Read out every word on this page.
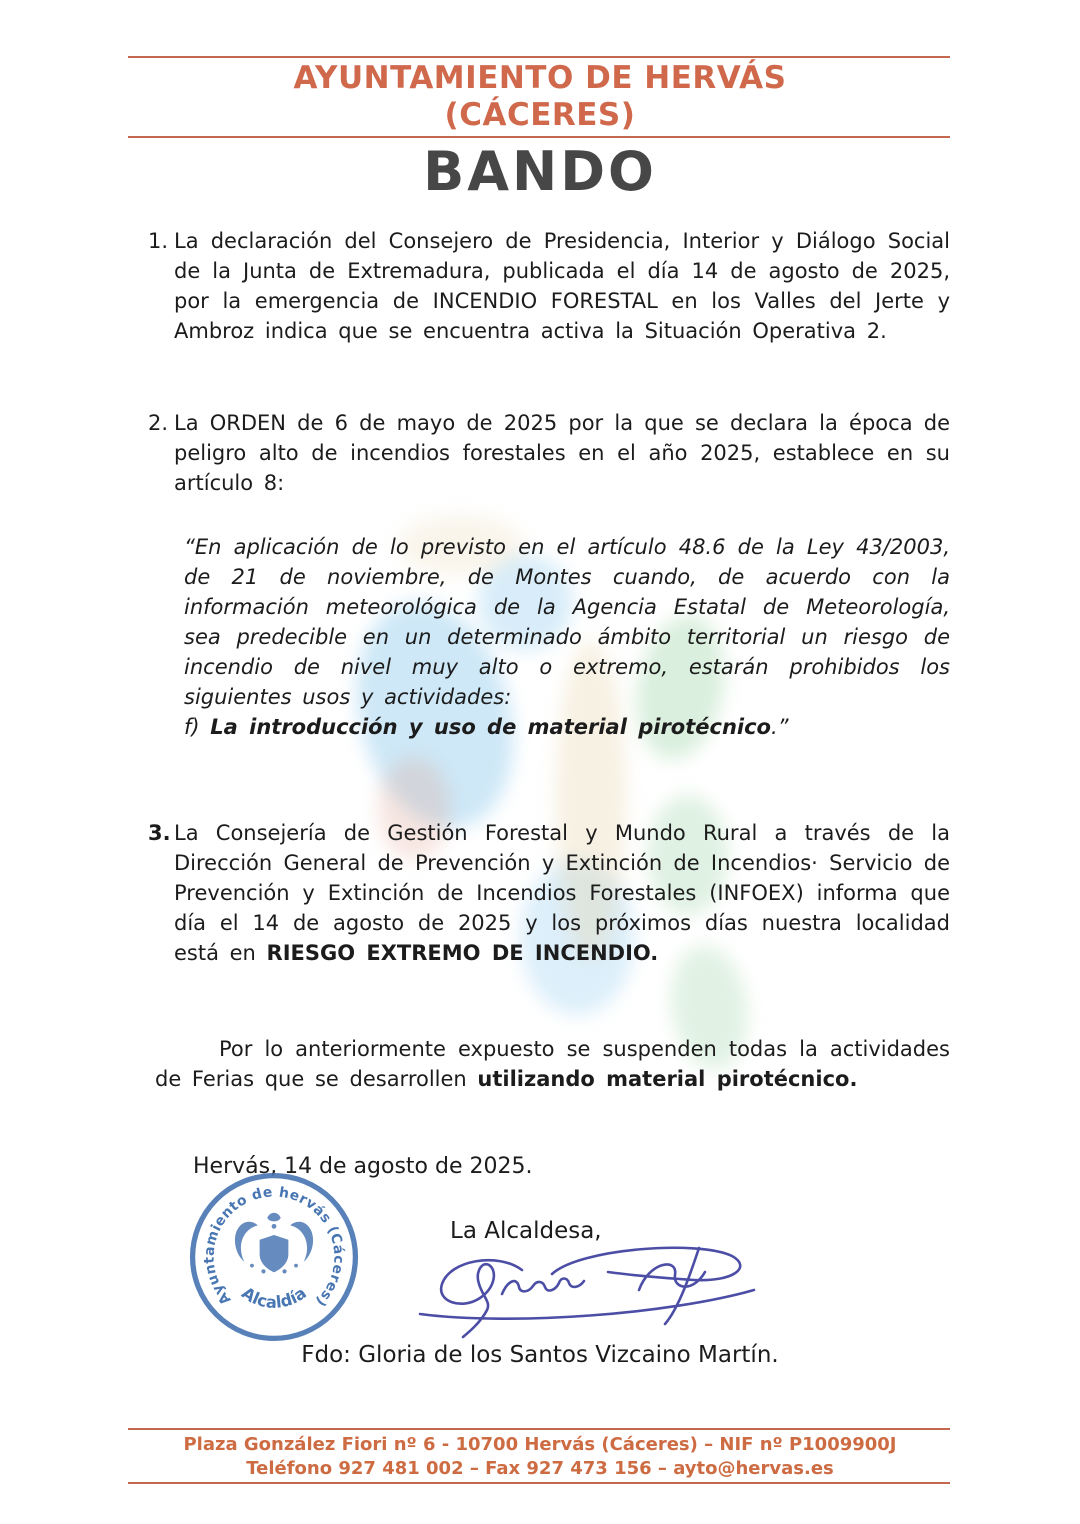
AYUNTAMIENTO DE HERVÁS
(CÁCERES)
BANDO
1. La declaración del Consejero de Presidencia, Interior y Diálogo Social de la Junta de Extremadura, publicada el día 14 de agosto de 2025, por la emergencia de INCENDIO FORESTAL en los Valles del Jerte y Ambroz indica que se encuentra activa la Situación Operativa 2.

2. La ORDEN de 6 de mayo de 2025 por la que se declara la época de peligro alto de incendios forestales en el año 2025, establece en su artículo 8:

“En aplicación de lo previsto en el artículo 48.6 de la Ley 43/2003, de 21 de noviembre, de Montes cuando, de acuerdo con la información meteorológica de la Agencia Estatal de Meteorología, sea predecible en un determinado ámbito territorial un riesgo de incendio de nivel muy alto o extremo, estarán prohibidos los siguientes usos y actividades:

f) La introducción y uso de material pirotécnico.”

3. La Consejería de Gestión Forestal y Mundo Rural a través de la Dirección General de Prevención y Extinción de Incendios· Servicio de Prevención y Extinción de Incendios Forestales (INFOEX) informa que día el 14 de agosto de 2025 y los próximos días nuestra localidad está en RIESGO EXTREMO DE INCENDIO.

Por lo anteriormente expuesto se suspenden todas la actividades de Ferias que se desarrollen utilizando material pirotécnico.

Hervás, 14 de agosto de 2025.
Ayuntamiento de hervás (Cáceres)
Alcaldía
La Alcaldesa,
Fdo: Gloria de los Santos Vizcaino Martín.
Plaza González Fiori nº 6 - 10700 Hervás (Cáceres) – NIF nº P1009900J
Teléfono 927 481 002 – Fax 927 473 156 – ayto@hervas.es
